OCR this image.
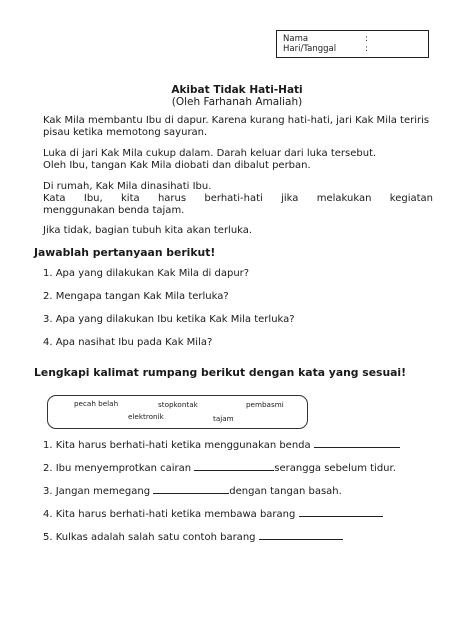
Nama	:
Hari/Tanggal	:
Akibat Tidak Hati-Hati
(Oleh Farhanah Amaliah)
Kak Mila membantu Ibu di dapur. Karena kurang hati-hati, jari Kak Mila teriris pisau ketika memotong sayuran.
Luka di jari Kak Mila cukup dalam. Darah keluar dari luka tersebut.
Oleh Ibu, tangan Kak Mila diobati dan dibalut perban.
Di rumah, Kak Mila dinasihati Ibu.
Kata Ibu, kita harus berhati-hati jika melakukan kegiatan
menggunakan benda tajam.
Jika tidak, bagian tubuh kita akan terluka.
Jawablah pertanyaan berikut!
1. Apa yang dilakukan Kak Mila di dapur?
2. Mengapa tangan Kak Mila terluka?
3. Apa yang dilakukan Ibu ketika Kak Mila terluka?
4. Apa nasihat Ibu pada Kak Mila?
Lengkapi kalimat rumpang berikut dengan kata yang sesuai!
pecah belah	stopkontak	pembasmi
elektronik	tajam
1. Kita harus berhati-hati ketika menggunakan benda
2. Ibu menyemprotkan cairan	serangga sebelum tidur.
3. Jangan memegang	dengan tangan basah.
4. Kita harus berhati-hati ketika membawa barang
5. Kulkas adalah salah satu contoh barang
